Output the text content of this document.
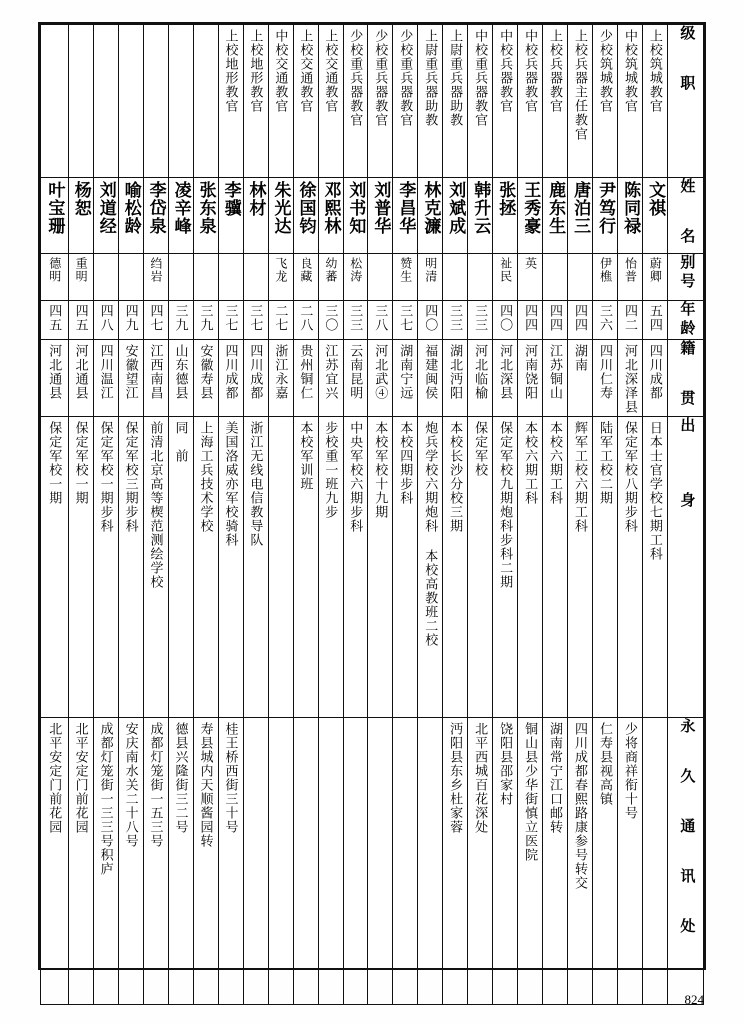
							上校地形教官	上校地形教官	中校交通教官	上校交通教官	上校交通教官	少校重兵器教官	少校重兵器教官	少校重兵器教官	上尉重兵器助教	上尉重兵器助教	中校重兵器教官	中校兵器教官	中校兵器教官	上校兵器教官	上校兵器主任教官	少校筑城教官	中校筑城教官	上校筑城教官	级　职

叶宝珊	杨恕	刘道经	喻松龄	李岱泉	凌辛峰	张东泉	李骥	林材	朱光达	徐国钧	邓熙林	刘书知	刘普华	李昌华	林克濂	刘斌成	韩升云	张拯	王秀豪	鹿东生	唐泊三	尹笃行	陈同禄	文祺	姓　名

德明	重明			绉岩					飞龙	良藏	幼蕃	松涛		赞生	明清			祉民	英			伊樵	怡普	蔚卿	别号

四五	四五	四八	四九	四七	三九	三九	三七	三七	二七	二八	三〇	三三	三八	三七	四〇	三三	三三	四〇	四四	四四	四四	三六	四二	五四	年龄

河北通县	河北通县	四川温江	安徽望江	江西南昌	山东德县	安徽寿县	四川成都	四川成都	浙江永嘉	贵州铜仁	江苏宜兴	云南昆明	河北武④	湖南宁远	福建闽侯	湖北沔阳	河北临榆	河北深县	河南饶阳	江苏铜山	湖南	四川仁寿	河北深泽县	四川成都	籍　贯

保定军校一期	保定军校一期	保定军校一期步科	保定军校三期步科	前清北京高等楔范测绘学校	同　前	上海工兵技术学校	美国洛威亦军校骑科	浙江无线电信教导队		本校军训班	步校重一班九步	中央军校六期步科	本校军校十九期	本校四期步科	炮兵学校六期炮科 本校高教班二校	本校长沙分校三期	保定军校	保定军校九期炮科步科二期	本校六期工科	本校六期工科	辉军工校六期工科	陆军工校二期	保定军校八期步科	日本士官学校七期工科	出　　身

北平安定门前花园	北平安定门前花园	成都灯笼街一三三号积庐	安庆南水关二十八号	成都灯笼街一五三号	德县兴隆街三二号	寿县城内天顺酱园转	桂王桥西街三十号									沔阳县东乡杜家蓉	北平西城百花深处	饶阳县邵家村	铜山县少华街慎立医院	湖南常宁江口邮转	四川成都春熙路康参号转交	仁寿县视高镇	少将商祥衔十号		永　久　通　讯　处
824
